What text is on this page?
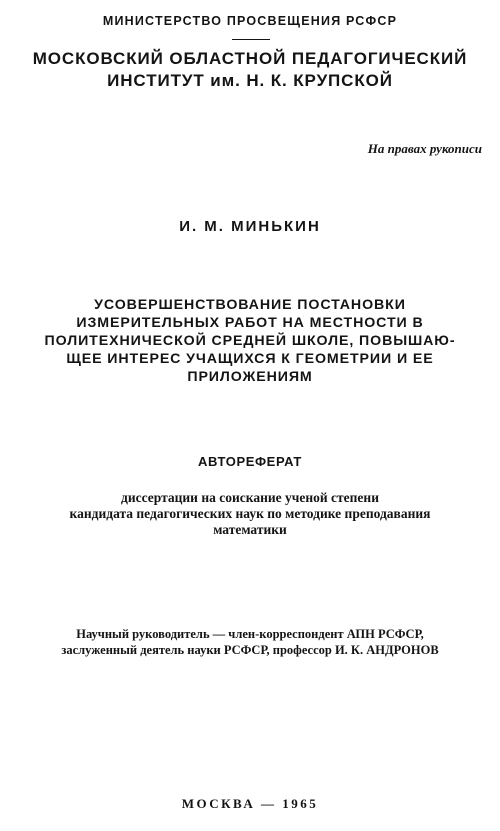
МИНИСТЕРСТВО ПРОСВЕЩЕНИЯ РСФСР
МОСКОВСКИЙ ОБЛАСТНОЙ ПЕДАГОГИЧЕСКИЙ
ИНСТИТУТ им. Н. К. КРУПСКОЙ
На правах рукописи
И. М. МИНЬКИН
УСОВЕРШЕНСТВОВАНИЕ ПОСТАНОВКИ
ИЗМЕРИТЕЛЬНЫХ РАБОТ НА МЕСТНОСТИ В
ПОЛИТЕХНИЧЕСКОЙ СРЕДНЕЙ ШКОЛЕ, ПОВЫШАЮ-
ЩЕЕ ИНТЕРЕС УЧАЩИХСЯ К ГЕОМЕТРИИ И ЕЕ
ПРИЛОЖЕНИЯМ
АВТОРЕФЕРАТ
диссертации на соискание ученой степени
кандидата педагогических наук по методике преподавания
математики
Научный руководитель — член-корреспондент АПН РСФСР,
заслуженный деятель науки РСФСР, профессор И. К. АНДРОНОВ
МОСКВА — 1965
